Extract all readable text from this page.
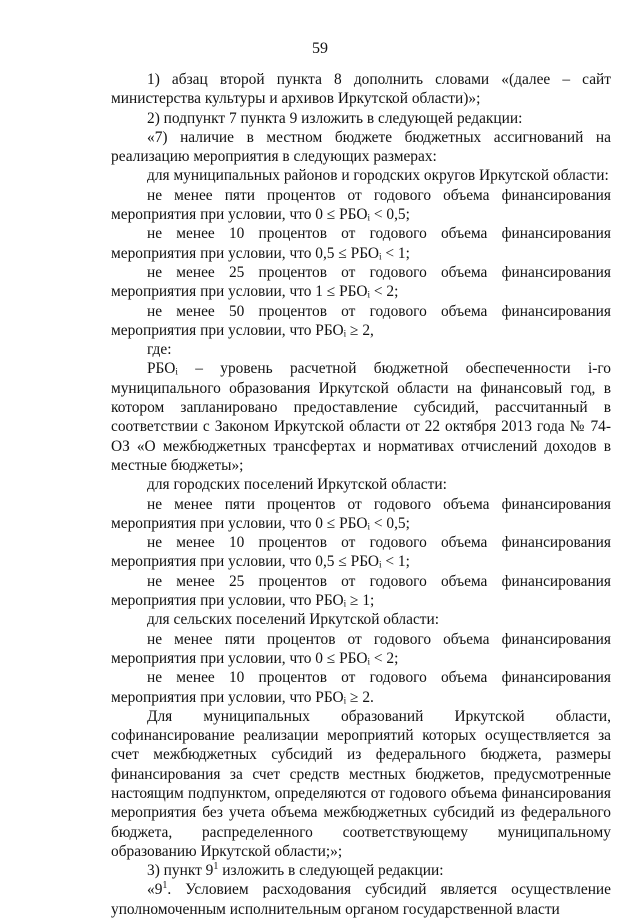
59

1) абзац второй пункта 8 дополнить словами «(далее – сайт министерства культуры и архивов Иркутской области)»;

2) подпункт 7 пункта 9 изложить в следующей редакции:

«7) наличие в местном бюджете бюджетных ассигнований на реализацию мероприятия в следующих размерах:

для муниципальных районов и городских округов Иркутской области:

не менее пяти процентов от годового объема финансирования мероприятия при условии, что 0 ≤ РБОᵢ < 0,5;

не менее 10 процентов от годового объема финансирования мероприятия при условии, что 0,5 ≤ РБОᵢ < 1;

не менее 25 процентов от годового объема финансирования мероприятия при условии, что 1 ≤ РБОᵢ < 2;

не менее 50 процентов от годового объема финансирования мероприятия при условии, что РБОᵢ ≥ 2,

где:

РБОᵢ – уровень расчетной бюджетной обеспеченности i-го муниципального образования Иркутской области на финансовый год, в котором запланировано предоставление субсидий, рассчитанный в соответствии с Законом Иркутской области от 22 октября 2013 года № 74-ОЗ «О межбюджетных трансфертах и нормативах отчислений доходов в местные бюджеты»;

для городских поселений Иркутской области:

не менее пяти процентов от годового объема финансирования мероприятия при условии, что 0 ≤ РБОᵢ < 0,5;

не менее 10 процентов от годового объема финансирования мероприятия при условии, что 0,5 ≤ РБОᵢ < 1;

не менее 25 процентов от годового объема финансирования мероприятия при условии, что РБОᵢ ≥ 1;

для сельских поселений Иркутской области:

не менее пяти процентов от годового объема финансирования мероприятия при условии, что 0 ≤ РБОᵢ < 2;

не менее 10 процентов от годового объема финансирования мероприятия при условии, что РБОᵢ ≥ 2.

Для муниципальных образований Иркутской области, софинансирование реализации мероприятий которых осуществляется за счет межбюджетных субсидий из федерального бюджета, размеры финансирования за счет средств местных бюджетов, предусмотренные настоящим подпунктом, определяются от годового объема финансирования мероприятия без учета объема межбюджетных субсидий из федерального бюджета, распределенного соответствующему муниципальному образованию Иркутской области;»;

3) пункт $9^1$ изложить в следующей редакции:

«$9^1$. Условием расходования субсидий является осуществление уполномоченным исполнительным органом государственной власти
